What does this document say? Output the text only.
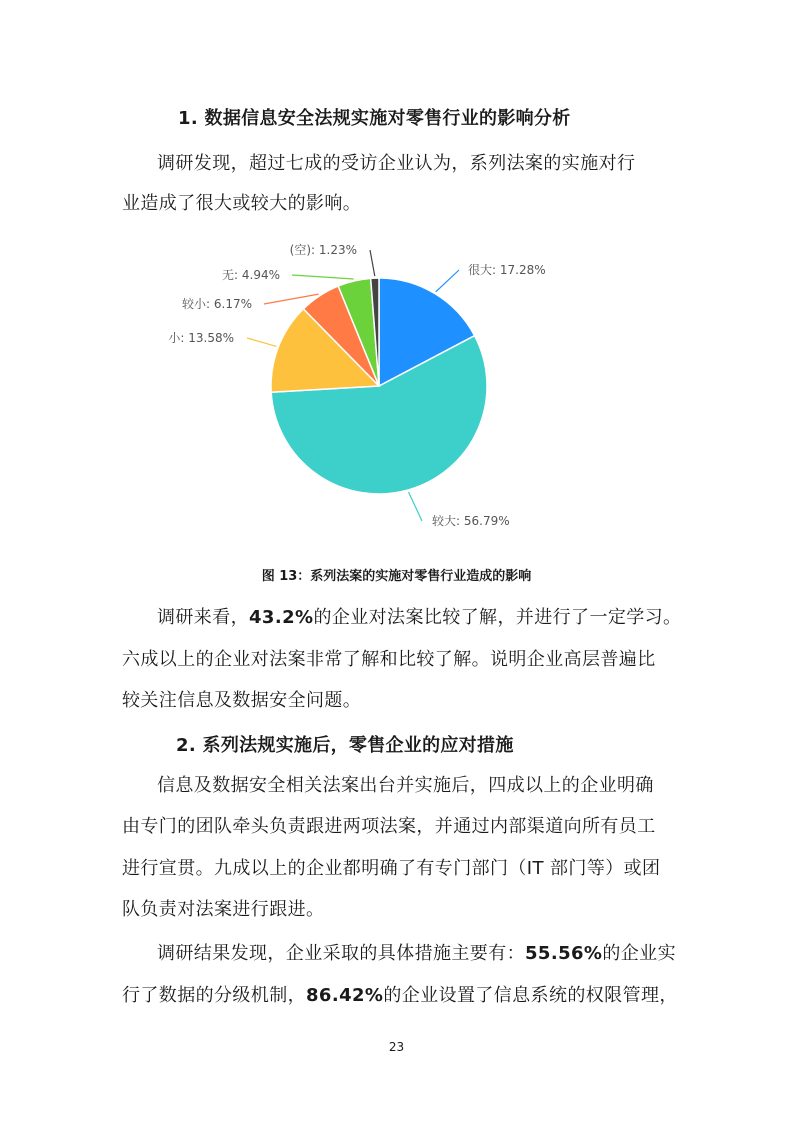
1. 数据信息安全法规实施对零售行业的影响分析
调研发现，超过七成的受访企业认为，系列法案的实施对行
业造成了很大或较大的影响。
很大: 17.28%
较大: 56.79%
小: 13.58%
较小: 6.17%
无: 4.94%
(空): 1.23%
图 13：系列法案的实施对零售行业造成的影响
调研来看，43.2%的企业对法案比较了解，并进行了一定学习。
六成以上的企业对法案非常了解和比较了解。说明企业高层普遍比
较关注信息及数据安全问题。
2. 系列法规实施后，零售企业的应对措施
信息及数据安全相关法案出台并实施后，四成以上的企业明确
由专门的团队牵头负责跟进两项法案，并通过内部渠道向所有员工
进行宣贯。九成以上的企业都明确了有专门部门（IT 部门等）或团
队负责对法案进行跟进。
调研结果发现，企业采取的具体措施主要有：55.56%的企业实
行了数据的分级机制，86.42%的企业设置了信息系统的权限管理，
23
